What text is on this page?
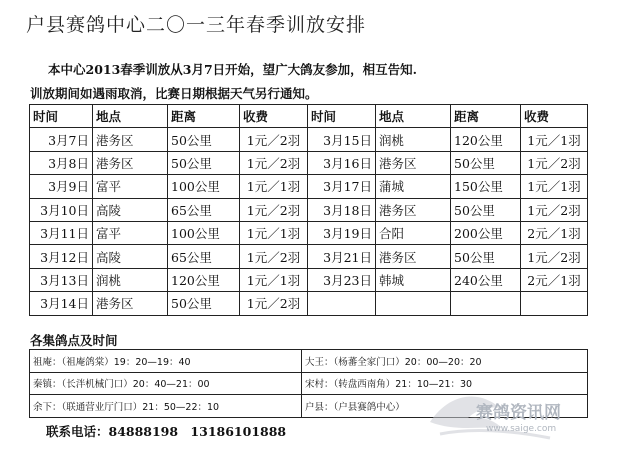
户县赛鸽中心二〇一三年春季训放安排
本中心2013春季训放从3月7日开始，望广大鸽友参加，相互告知.
训放期间如遇雨取消，比赛日期根据天气另行通知。
时间	地点	距离	收费	时间	地点	距离	收费
3月7日	港务区	50公里	1元／2羽	3月15日	润桃	120公里	1元／1羽
3月8日	港务区	50公里	1元／2羽	3月16日	港务区	50公里	1元／2羽
3月9日	富平	100公里	1元／1羽	3月17日	蒲城	150公里	1元／1羽
3月10日	高陵	65公里	1元／2羽	3月18日	港务区	50公里	1元／2羽
3月11日	富平	100公里	1元／1羽	3月19日	合阳	200公里	2元／1羽
3月12日	高陵	65公里	1元／2羽	3月21日	港务区	50公里	1元／2羽
3月13日	润桃	120公里	1元／1羽	3月23日	韩城	240公里	2元／1羽
3月14日	港务区	50公里	1元／2羽				
各集鸽点及时间
祖庵：（祖庵鸽棠）19：20—19：40	大王：（杨蕃全家门口）20：00—20：20
秦镇：（长泮机械门口）20：40—21：00	宋村：（转盘西南角）21：10—21：30
余下：（联通营业厅门口）21：50—22：10	户县：（户县赛鸽中心）
联系电话：84888198 13186101888
赛鸽资讯网
www.saige.com
